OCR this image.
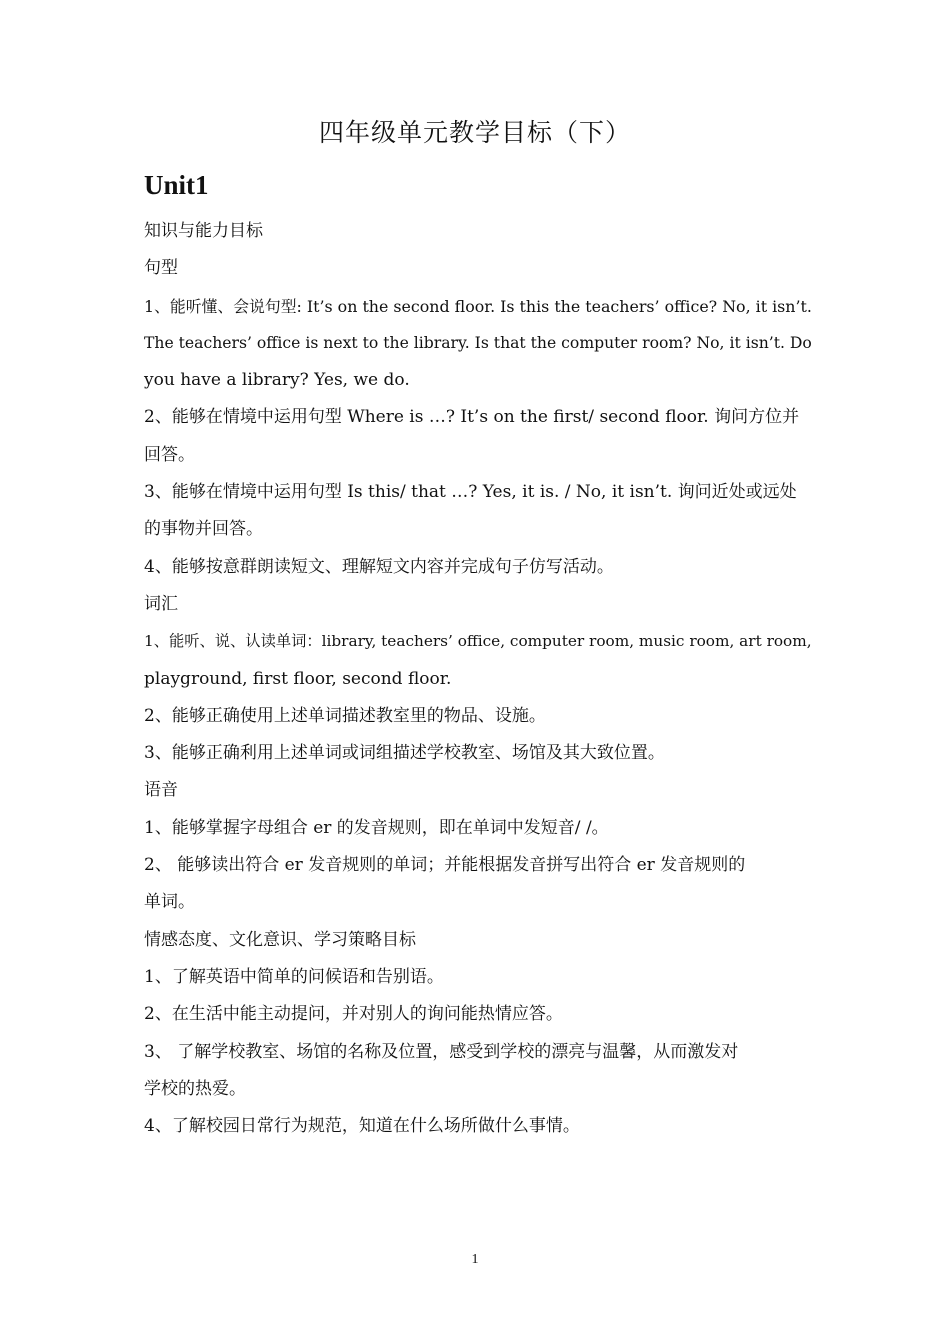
四年级单元教学目标（下）
Unit1
知识与能力目标
句型
1、能听懂、会说句型: It’s on the second floor. Is this the teachers’ office? No, it isn’t.
The teachers’ office is next to the library. Is that the computer room? No, it isn’t. Do
you have a library? Yes, we do.
2、能够在情境中运用句型 Where is …? It’s on the first/ second floor. 询问方位并
回答。
3、能够在情境中运用句型 Is this/ that …? Yes, it is. / No, it isn’t. 询问近处或远处
的事物并回答。
4、能够按意群朗读短文、理解短文内容并完成句子仿写活动。
词汇
1、能听、说、认读单词：library, teachers’ office, computer room, music room, art room,
playground, first floor, second floor.
2、能够正确使用上述单词描述教室里的物品、设施。
3、能够正确利用上述单词或词组描述学校教室、场馆及其大致位置。
语音
1、能够掌握字母组合 er 的发音规则，即在单词中发短音/ /。
2、 能够读出符合 er 发音规则的单词；并能根据发音拼写出符合 er 发音规则的
单词。
情感态度、文化意识、学习策略目标
1、了解英语中简单的问候语和告别语。
2、在生活中能主动提问，并对别人的询问能热情应答。
3、 了解学校教室、场馆的名称及位置，感受到学校的漂亮与温馨，从而激发对
学校的热爱。
4、了解校园日常行为规范，知道在什么场所做什么事情。
1
